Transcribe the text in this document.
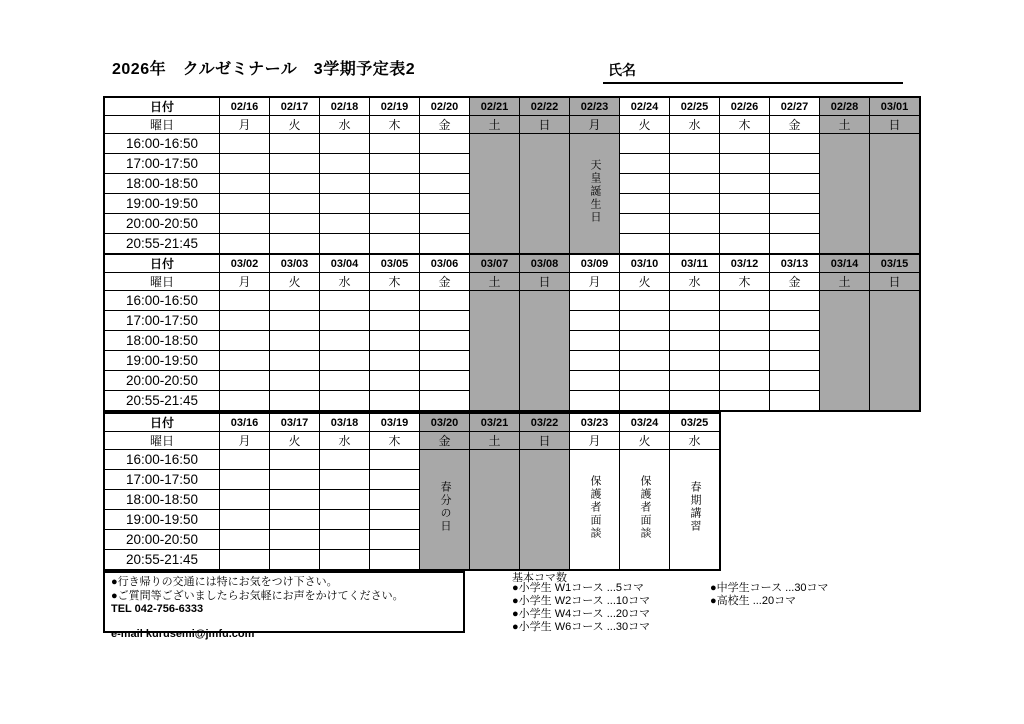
2026年　クルゼミナール　3学期予定表2	氏名
日付	02/16	02/17	02/18	02/19	02/20	02/21	02/22	02/23	02/24	02/25	02/26	02/27	02/28	03/01
曜日	月	火	水	木	金	土	日	月	火	水	木	金	土	日
16:00-16:50								天皇誕生日						
17:00-17:50														
18:00-18:50														
19:00-19:50														
20:00-20:50														
20:55-21:45														
日付	03/02	03/03	03/04	03/05	03/06	03/07	03/08	03/09	03/10	03/11	03/12	03/13	03/14	03/15
曜日	月	火	水	木	金	土	日	月	火	水	木	金	土	日
16:00-16:50														
17:00-17:50														
18:00-18:50														
19:00-19:50														
20:00-20:50														
20:55-21:45														
日付	03/16	03/17	03/18	03/19	03/20	03/21	03/22	03/23	03/24	03/25
曜日	月	火	水	木	金	土	日	月	火	水
16:00-16:50					春分の日			保護者面談	保護者面談	春期講習
17:00-17:50										
18:00-18:50										
19:00-19:50										
20:00-20:50										
20:55-21:45										
●行き帰りの交通には特にお気をつけ下さい。
●ご質問等ございましたらお気軽にお声をかけてください。
TEL 042-756-6333
e-mail kurusemi@jmfu.com
基本コマ数
●小学生 W1コース ...5コマ
●小学生 W2コース ...10コマ
●小学生 W4コース ...20コマ
●小学生 W6コース ...30コマ
●中学生コース ...30コマ
●高校生 ...20コマ
